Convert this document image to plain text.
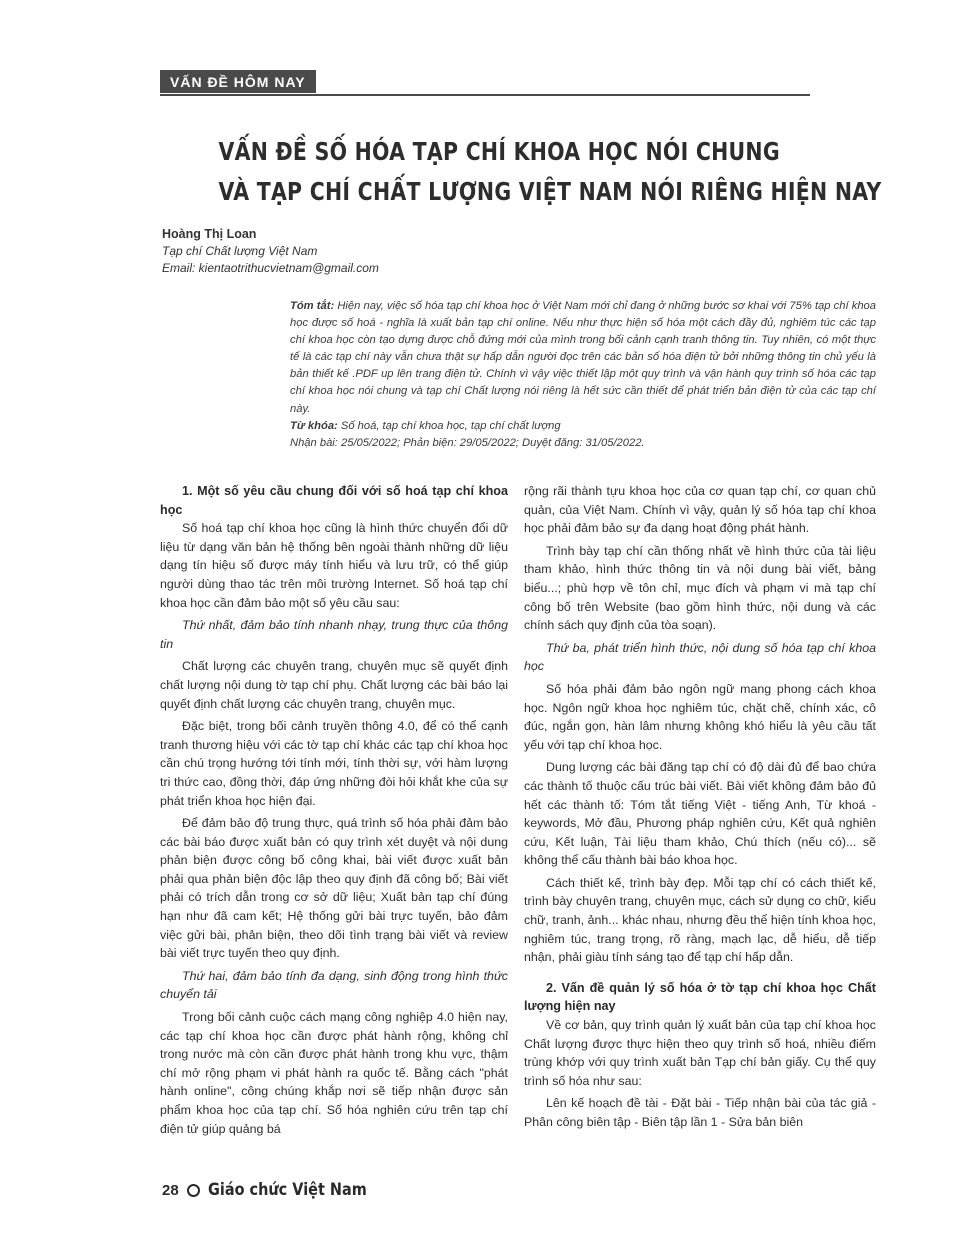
VẤN ĐỀ HÔM NAY
VẤN ĐỀ SỐ HÓA TẠP CHÍ KHOA HỌC NÓI CHUNG
VÀ TẠP CHÍ CHẤT LƯỢNG VIỆT NAM NÓI RIÊNG HIỆN NAY
Hoàng Thị Loan
Tạp chí Chất lượng Việt Nam
Email: kientaotrithucvietnam@gmail.com

Tóm tắt: Hiện nay, việc số hóa tạp chí khoa học ở Việt Nam mới chỉ đang ở những bước sơ khai với 75% tạp chí khoa học được số hoá - nghĩa là xuất bản tạp chí online. Nếu như thực hiện số hóa một cách đầy đủ, nghiêm túc các tạp chí khoa học còn tạo dựng được chỗ đứng mới của mình trong bối cảnh cạnh tranh thông tin. Tuy nhiên, có một thực tế là các tạp chí này vẫn chưa thật sự hấp dẫn người đọc trên các bản số hóa điện tử bởi những thông tin chủ yếu là bản thiết kế .PDF up lên trang điện tử. Chính vì vậy việc thiết lập một quy trình và vận hành quy trình số hóa các tạp chí khoa học nói chung và tạp chí Chất lượng nói riêng là hết sức cần thiết để phát triển bản điện tử của các tạp chí này.

Từ khóa: Số hoá, tạp chí khoa học, tạp chí chất lượng

Nhận bài: 25/05/2022; Phản biện: 29/05/2022; Duyệt đăng: 31/05/2022.

1. Một số yêu cầu chung đối với số hoá tạp chí khoa học

Số hoá tạp chí khoa học cũng là hình thức chuyển đổi dữ liệu từ dạng văn bản hệ thống bên ngoài thành những dữ liệu dạng tín hiệu số được máy tính hiểu và lưu trữ, có thể giúp người dùng thao tác trên môi trường Internet. Số hoá tạp chí khoa học cần đảm bảo một số yêu cầu sau:

Thứ nhất, đảm bảo tính nhanh nhạy, trung thực của thông tin

Chất lượng các chuyên trang, chuyên mục sẽ quyết định chất lượng nội dung tờ tạp chí phụ. Chất lượng các bài báo lại quyết định chất lượng các chuyên trang, chuyên mục.

Đặc biệt, trong bối cảnh truyền thông 4.0, để có thể cạnh tranh thương hiệu với các tờ tạp chí khác các tạp chí khoa học cần chú trọng hướng tới tính mới, tính thời sự, với hàm lượng tri thức cao, đồng thời, đáp ứng những đòi hỏi khắt khe của sự phát triển khoa học hiện đại.

Để đảm bảo độ trung thực, quá trình số hóa phải đảm bảo các bài báo được xuất bản có quy trình xét duyệt và nội dung phản biện được công bố công khai, bài viết được xuất bản phải qua phản biện độc lập theo quy định đã công bố; Bài viết phải có trích dẫn trong cơ sở dữ liệu; Xuất bản tạp chí đúng hạn như đã cam kết; Hệ thống gửi bài trực tuyến, bảo đảm việc gửi bài, phản biện, theo dõi tình trạng bài viết và review bài viết trực tuyến theo quy định.

Thứ hai, đảm bảo tính đa dạng, sinh động trong hình thức chuyển tải

Trong bối cảnh cuộc cách mạng công nghiệp 4.0 hiện nay, các tạp chí khoa học cần được phát hành rộng, không chỉ trong nước mà còn cần được phát hành trong khu vực, thậm chí mở rộng phạm vi phát hành ra quốc tế. Bằng cách "phát hành online", công chúng khắp nơi sẽ tiếp nhận được sản phẩm khoa học của tạp chí. Số hóa nghiên cứu trên tạp chí điện tử giúp quảng bá

rộng rãi thành tựu khoa học của cơ quan tạp chí, cơ quan chủ quản, của Việt Nam. Chính vì vậy, quản lý số hóa tạp chí khoa học phải đảm bảo sự đa dạng hoạt động phát hành.

Trình bày tạp chí cần thống nhất về hình thức của tài liệu tham khảo, hình thức thông tin và nội dung bài viết, bảng biểu...; phù hợp về tôn chỉ, mục đích và phạm vi mà tạp chí công bố trên Website (bao gồm hình thức, nội dung và các chính sách quy định của tòa soạn).

Thứ ba, phát triển hình thức, nội dung số hóa tạp chí khoa học

Số hóa phải đảm bảo ngôn ngữ mang phong cách khoa học. Ngôn ngữ khoa học nghiêm túc, chặt chẽ, chính xác, cô đúc, ngắn gọn, hàn lâm nhưng không khó hiểu là yêu cầu tất yếu với tạp chí khoa học.

Dung lượng các bài đăng tạp chí có độ dài đủ để bao chứa các thành tố thuộc cấu trúc bài viết. Bài viết không đảm bảo đủ hết các thành tố: Tóm tắt tiếng Việt - tiếng Anh, Từ khoá - keywords, Mở đầu, Phương pháp nghiên cứu, Kết quả nghiên cứu, Kết luận, Tài liệu tham khảo, Chú thích (nếu có)... sẽ không thể cấu thành bài báo khoa học.

Cách thiết kế, trình bày đẹp. Mỗi tạp chí có cách thiết kế, trình bày chuyên trang, chuyên mục, cách sử dụng co chữ, kiểu chữ, tranh, ảnh... khác nhau, nhưng đều thể hiện tính khoa học, nghiêm túc, trang trọng, rõ ràng, mạch lạc, dễ hiểu, dễ tiếp nhận, phải giàu tính sáng tạo để tạp chí hấp dẫn.

2. Vấn đề quản lý số hóa ở tờ tạp chí khoa học Chất lượng hiện nay

Về cơ bản, quy trình quản lý xuất bản của tạp chí khoa học Chất lượng được thực hiện theo quy trình số hoá, nhiều điểm trùng khớp với quy trình xuất bản Tạp chí bản giấy. Cụ thể quy trình số hóa như sau:

Lên kế hoạch đề tài - Đặt bài - Tiếp nhận bài của tác giả - Phân công biên tập - Biên tập lần 1 - Sửa bản biên

28 Giáo chức Việt Nam
